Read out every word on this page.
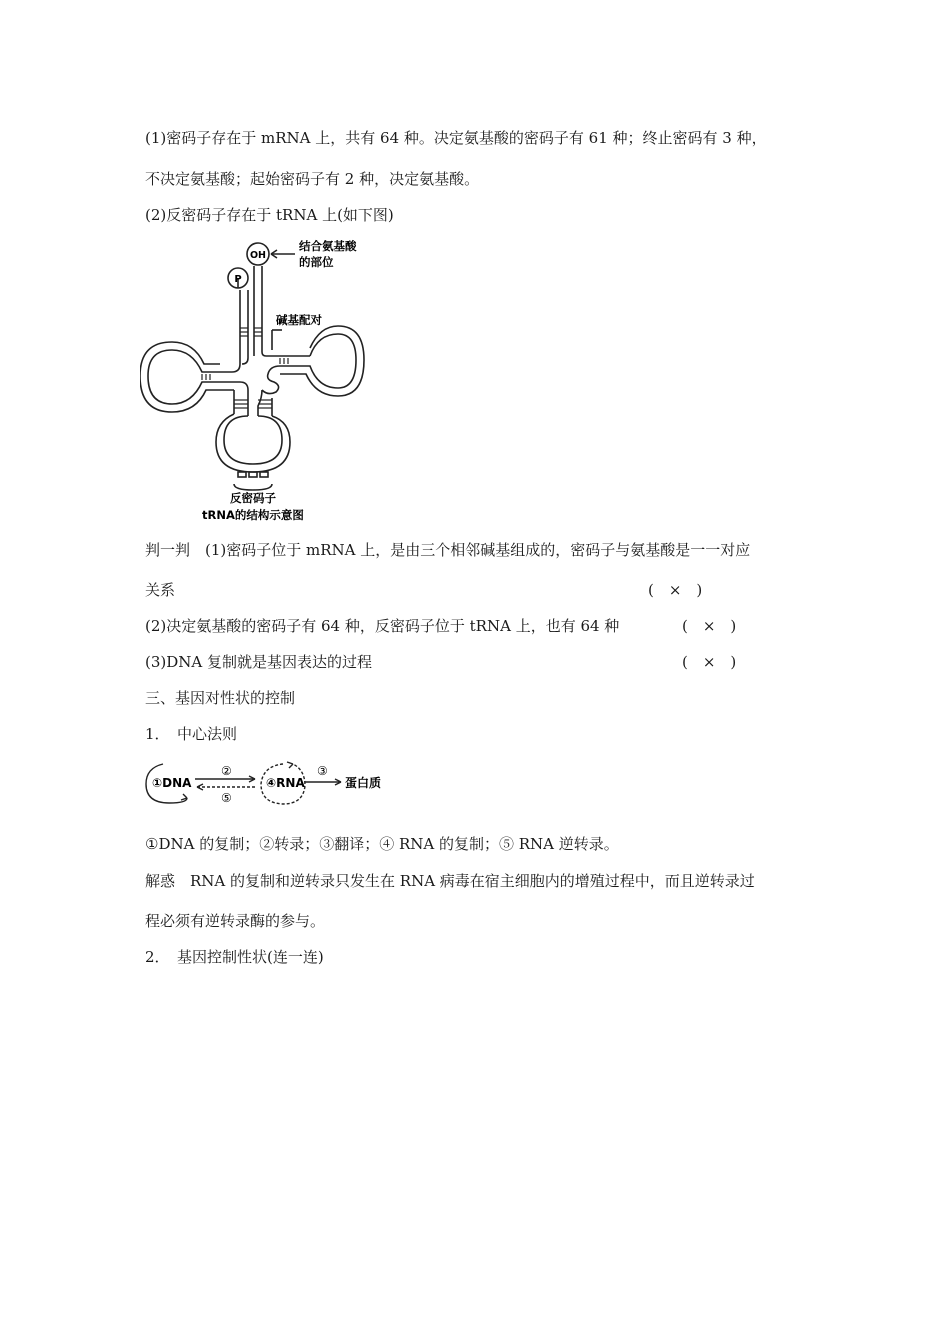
(1)密码子存在于 mRNA 上，共有 64 种。决定氨基酸的密码子有 61 种；终止密码有 3 种，
不决定氨基酸；起始密码子有 2 种，决定氨基酸。
(2)反密码子存在于 tRNA 上(如下图)
OH
P
结合氨基酸
的部位
碱基配对
反密码子
tRNA的结构示意图
判一判　(1)密码子位于 mRNA 上，是由三个相邻碱基组成的，密码子与氨基酸是一一对应
关系	(　×　)
(2)决定氨基酸的密码子有 64 种，反密码子位于 tRNA 上，也有 64 种	(　×　)
(3)DNA 复制就是基因表达的过程	(　×　)
三、基因对性状的控制
1．　中心法则
①DNA
②
⑤
④RNA
③
蛋白质
①DNA 的复制；②转录；③翻译；④ RNA 的复制；⑤ RNA 逆转录。
解惑　RNA 的复制和逆转录只发生在 RNA 病毒在宿主细胞内的增殖过程中，而且逆转录过
程必须有逆转录酶的参与。
2．　基因控制性状(连一连)
